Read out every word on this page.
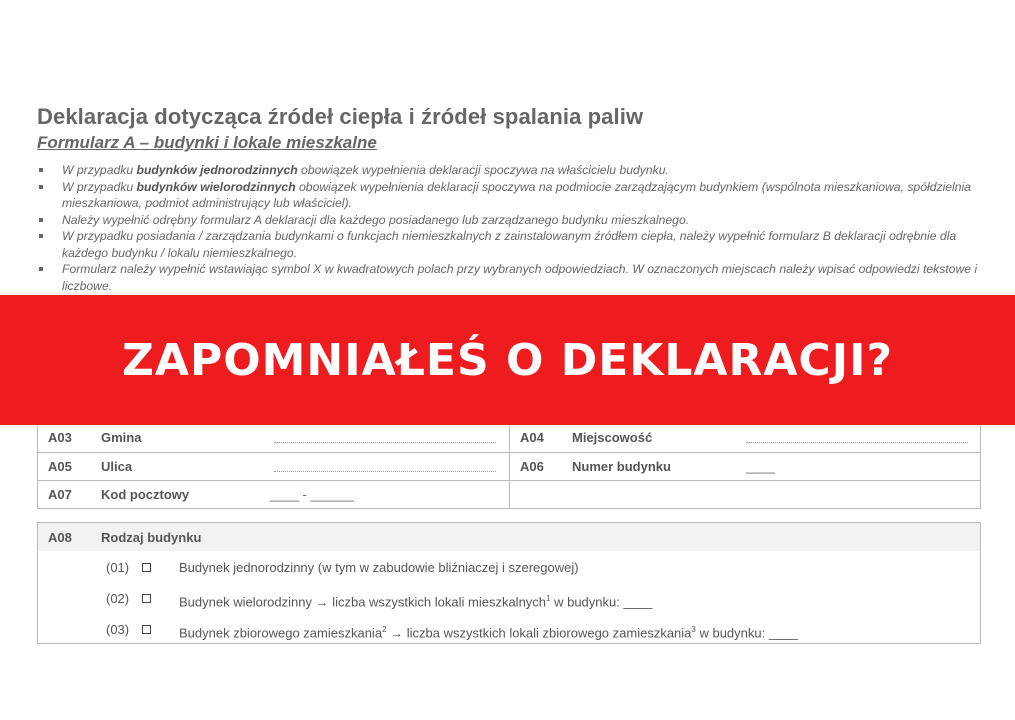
Deklaracja dotycząca źródeł ciepła i źródeł spalania paliw
Formularz A – budynki i lokale mieszkalne
W przypadku budynków jednorodzinnych obowiązek wypełnienia deklaracji spoczywa na właścicielu budynku.
W przypadku budynków wielorodzinnych obowiązek wypełnienia deklaracji spoczywa na podmiocie zarządzającym budynkiem (wspólnota mieszkaniowa, spółdzielnia mieszkaniowa, podmiot administrujący lub właściciel).
Należy wypełnić odrębny formularz A deklaracji dla każdego posiadanego lub zarządzanego budynku mieszkalnego.
W przypadku posiadania / zarządzania budynkami o funkcjach niemieszkalnych z zainstalowanym źródłem ciepła, należy wypełnić formularz B deklaracji odrębnie dla każdego budynku / lokalu niemieszkalnego.
Formularz należy wypełnić wstawiając symbol X w kwadratowych polach przy wybranych odpowiedziach. W oznaczonych miejscach należy wpisać odpowiedzi tekstowe i liczbowe.
A03 Gmina	A04 Miejscowość
A05 Ulica	A06 Numer budynku	____
A07 Kod pocztowy	____ - ______
A08 Rodzaj budynku
(01)	Budynek jednorodzinny (w tym w zabudowie bliźniaczej i szeregowej)
(02)	Budynek wielorodzinny → liczba wszystkich lokali mieszkalnych$^1$ w budynku: ____
(03)	Budynek zbiorowego zamieszkania$^2$ → liczba wszystkich lokali zbiorowego zamieszkania$^3$ w budynku: ____
ZAPOMNIAŁEŚ O DEKLARACJI?
